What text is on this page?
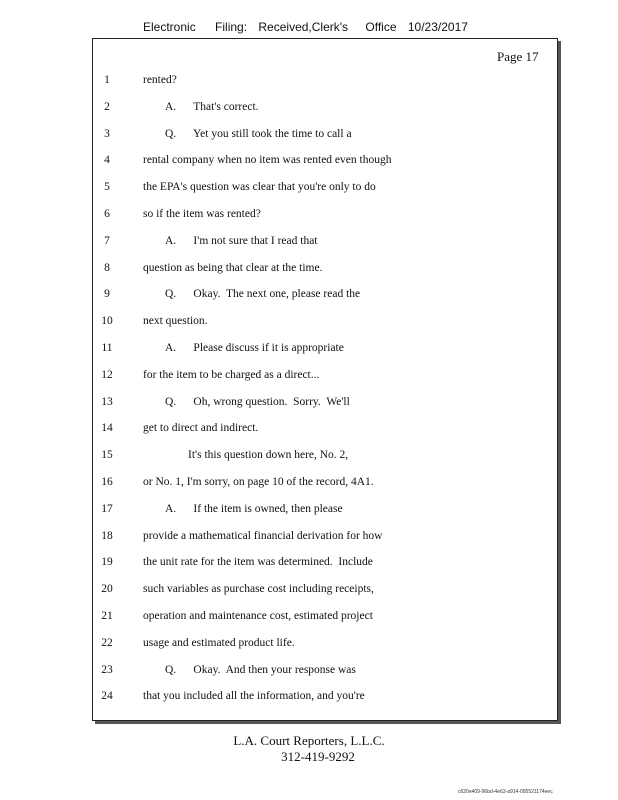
Electronic Filing: Received,Clerk's Office 10/23/2017
Page 17
1	rented?
2	A.      That's correct.
3	Q.      Yet you still took the time to call a
4	rental company when no item was rented even though
5	the EPA's question was clear that you're only to do
6	so if the item was rented?
7	A.      I'm not sure that I read that
8	question as being that clear at the time.
9	Q.      Okay.  The next one, please read the
10	next question.
11	A.      Please discuss if it is appropriate
12	for the item to be charged as a direct...
13	Q.      Oh, wrong question.  Sorry.  We'll
14	get to direct and indirect.
15	It's this question down here, No. 2,
16	or No. 1, I'm sorry, on page 10 of the record, 4A1.
17	A.      If the item is owned, then please
18	provide a mathematical financial derivation for how
19	the unit rate for the item was determined.  Include
20	such variables as purchase cost including receipts,
21	operation and maintenance cost, estimated project
22	usage and estimated product life.
23	Q.      Okay.  And then your response was
24	that you included all the information, and you're
L.A. Court Reporters, L.L.C.
312-419-9292
c620e409-96bd-4e63-a914-095521174eec
